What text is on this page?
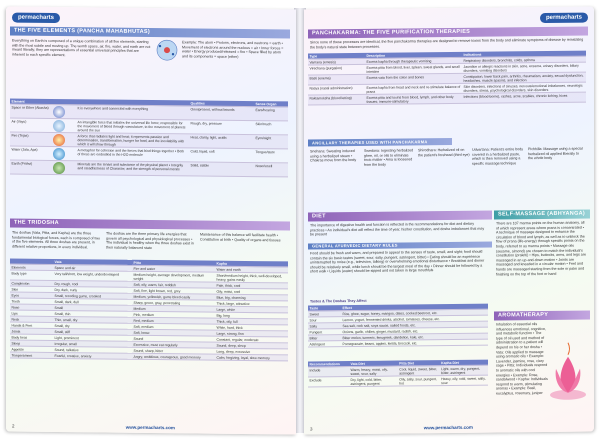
permacharts
THE FIVE ELEMENTS (PANCHA MAHABHUTAS)
Everything on Earth is composed of a unique combination of all five elements, starting with the most subtle and moving up. The womb space, air, fire, water, and earth are not meant literally; they are representations of essential universal principles that are inherent to each specific element.
Example: The atom • Protons, electrons, and neutrons = earth • Movement of electrons around the nucleus = air • Inner forces = water • Energy produced/released = fire • Space filled by atom and its components = space (ether)
Element			Qualities	Sense Organ
Space or Ether (Akasha)		It is everywhere and connected with everything	Omnipresent, without bounds	Ears/hearing
Air (Vayu)		An intangible force that initiates the universal life force; responsible for the movement of blood through vasculature, to the movement of planets around the sun	Rough, dry, pressure	Skin/touch
Fire (Tejas)		A force that radiates light and heat; it represents passion and determination, transformation, hunger for food, and the inevitability with which it will show through	Heat, clarity, light, acidic	Eyes/sight
Water (Jala, Apa)		A metaphor for cohesion and the forces that bind things together • Both of these are embodied in the H2O molecule	Cold, liquid, soft	Tongue/taste
Earth (Prithvi)		Minerals are the tenant and substance of the physical planet • Integrity and steadfastness of Character, and the strength of personal morals	Solid, stable	Nose/smell
THE TRIDOSHA
The doshas (Vata, Pitta, and Kapha) are the three fundamental biological forces, each is composed of two of the five elements. All three doshas are present, in different relative proportions, in every individual.
The doshas are the three primary life energies that govern all psychological and physiological processes • The individual is healthy when the three doshas exist in their naturally balanced state
Maintenance of this balance will facilitate health • Constitution at birth • Quality of organs and tissues
	Vata	Pitta	Kapha
Elements	Space and air	Fire and water	Water and earth
Body type	Very tall/short, low weight, underdeveloped	Medium height, average development, medium weight	Short/medium height, thick, well-developed, heavy, gains easily
Complexion	Dry, rough, cool	Soft, oily, warm, fair, reddish	Pale, thick, cool
Skin	Dry, dark, curly	Soft, fine, light brown, red, grey	Oily, moist, cool
Eyes	Small, receding gums, crooked	Medium, yellowish, gums bleed easily	Blue, big, charming
Teeth	Small, dark, dull	Sharp, green, gray, penetrating	Thick, large, attractive
Nose	Small	Medium	Large, white
Lips	Small, thin	Pink, medium	Big, long
Neck	Thin, small, dry	Red, medium	Thick, oily, full
Hands & Feet	Small, dry	Soft, medium	White, hard, thick
Joints	Small, stiff	Soft, loose	Large, strong, firm
Body heat	Light, prominent	Sound	Constant, regular, moderate
Sleep	Irregular, small	Excessive, must eat regularly	Sound, deep, sleep
Appetite	Sound, talkative	Sound, sharp, bitter	Long, deep, excessive
Temperament	Fearful, creative, anxiety	Angry, ambitious, courageous, good memory	Calm, forgiving, loyal, slow memory
2	www.permacharts.com
permacharts
PANCHAKARMA: THE FIVE PURIFICATION THERAPIES
Since none of these processes are identical, the five panchakarma therapies are designed to remove toxins from the body and eliminate symptoms of disease by reinstating the body's natural state between processes.
Type	Description	Indications
Vamana (emesis)	Excess kapha through therapeutic vomiting	Respiratory disorders, bronchitis, colds, asthma
Virechana (purgation)	Excess pitta from blood, liver, spleen, sweat glands, and small intestine	Jaundice or allergic reactions in skin, acne, eczema, urinary disorders, biliary disorders, vomiting disorders
Basti (enema)	Excess vata from the colon and bones	Constipation, lower back pain, arthritis, rheumatism, anxiety, sexual dysfunction, headaches, muscle spasms, and infection
Nasya (nasal administration)	Excess kapha from head and neck and re-stimulate balance of prana	Skin disorders, infections of sinuses, nervous/emotional imbalances, neurologic disorders, stress, psychological disorders, skin disorders
Raktamoksha (blood letting)	Excess pitta and toxins from blood, lymph, and other body tissues; immune-stimulatory	Infections (blood-borne), rashes, acne, scabies, chronic itching, hives
ANCILLARY THERAPIES USED WITH PANCHAKARMA
Snehana: Sweating induced using a herbalized steam • Chakras move from the body
Swedana: Ingesting herbalized ghee, oil, or oils to eliminate toxic matter • Ama is loosened from the body
Shirodhara: Herbalized oil on the patient's forehead (third eye)
Udvartana: Patient's entire body covered in a herbalized paste, which is then removed using a specific massage technique
Pichhilla: Massage using a special herbalized oil applied liberally to the whole body
DIET
The importance of digestive health and function is reflected in the recommendations for diet and dietary practices • An individual's diet will reflect the time of year, his/her constitution, and dosha imbalances that may be present
GENERAL AYURVEDIC DIETARY RULES
Food should be fresh and warm, and prepared to appeal to the senses of taste, smell, and sight; food should contain the six basic tastes (sweet, sour, salty, pungent, astringent, bitter) • Eating should be an experience uninterrupted by noise (e.g., television, talking) or overwhelming emotional disturbance • Breakfast and dinner should be relatively small, while lunch should be the largest meal of the day • Dinner should be followed by a short walk • Liquids (water) should be sipped and not taken in large mouthfuls
Tastes & The Doshas They Affect
Taste	Effect
Sweet	Rice, ghee, sugar, honey, mangos, dates, cooked beetroot, etc.
Sour	Lemon, yogurt, fermented drinks, alcohol, tomatoes, cheese, etc.
Salty	Sea salt, rock salt, soya sauce, salted foods, etc.
Pungent	Onions, garlic, chilies, ginger, mustard, radish, etc.
Bitter	Bitter melon, turmeric, fenugreek, dandelion, kale, etc.
Astringent	Pomegranate, beans, apples, lentils, broccoli, etc.
Recommendations	Vata Diet	Pitta Diet	Kapha Diet
Include	Warm, heavy, moist, oily, sweet, sour, salty	Cool, liquid, sweet, bitter, astringent	Light, warm, dry, pungent, bitter, astringent
Exclude	Dry, light, cold, bitter, astringent, pungent	Oily, salty, sour, pungent, hot	Heavy, oily, cold, sweet, salty, sour
SELF-MASSAGE (ABHYANGA)
There are 107 marma points on the human anatomy, all of which represent areas where prana is concentrated • A technique of massage designed to enhance the circulation of blood and lymph, as well as to unblock the flow of prana (life-energy) through specific points on the body, referred to as marma points • Massage oils (sesame, almond) are chosen to match the individual's constitution (prakriti) • Hips, buttocks, arms, and legs are massaged in an up-and-down motion • Joints are massaged and kneaded in a circular motion • Feet and hands are massaged starting from the sole or palm and finishing on the top of the foot or hand
AROMATHERAPY
Inhalation of essential oils influences emotional, cognitive, and metabolic function • The type of oil used and method of administration to a patient will depend on his or her dosha • Vata: Oils applied to massage using aromatic oils • Example: Lavender, jasmine, rose, clary sage • Pitta: Individuals respond to aromatic oils with cool energies • Example: Rose, sandalwood • Kapha: Individuals respond to warm, stimulating aromas • Example: Basil, eucalyptus, rosemary, juniper
3	www.permacharts.com
